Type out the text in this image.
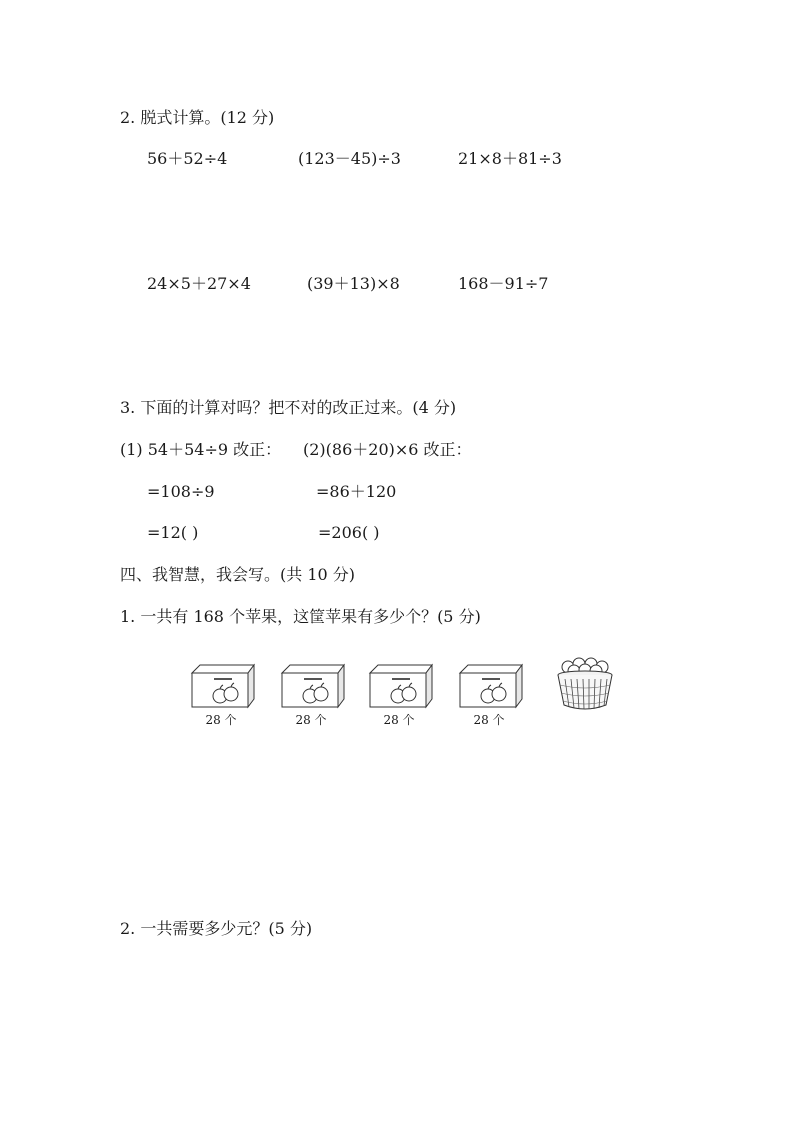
2. 脱式计算。(12 分)
56＋52÷4	(123－45)÷3	21×8＋81÷3
24×5＋27×4	(39＋13)×8	168－91÷7
3. 下面的计算对吗？把不对的改正过来。(4 分)
(1) 54＋54÷9 改正： (2)(86＋20)×6 改正：
=108÷9	=86＋120
=12( )	=206( )
四、我智慧，我会写。(共 10 分)
1. 一共有 168 个苹果，这筐苹果有多少个？(5 分)
28 个	28 个	28 个	28 个
2. 一共需要多少元？(5 分)
